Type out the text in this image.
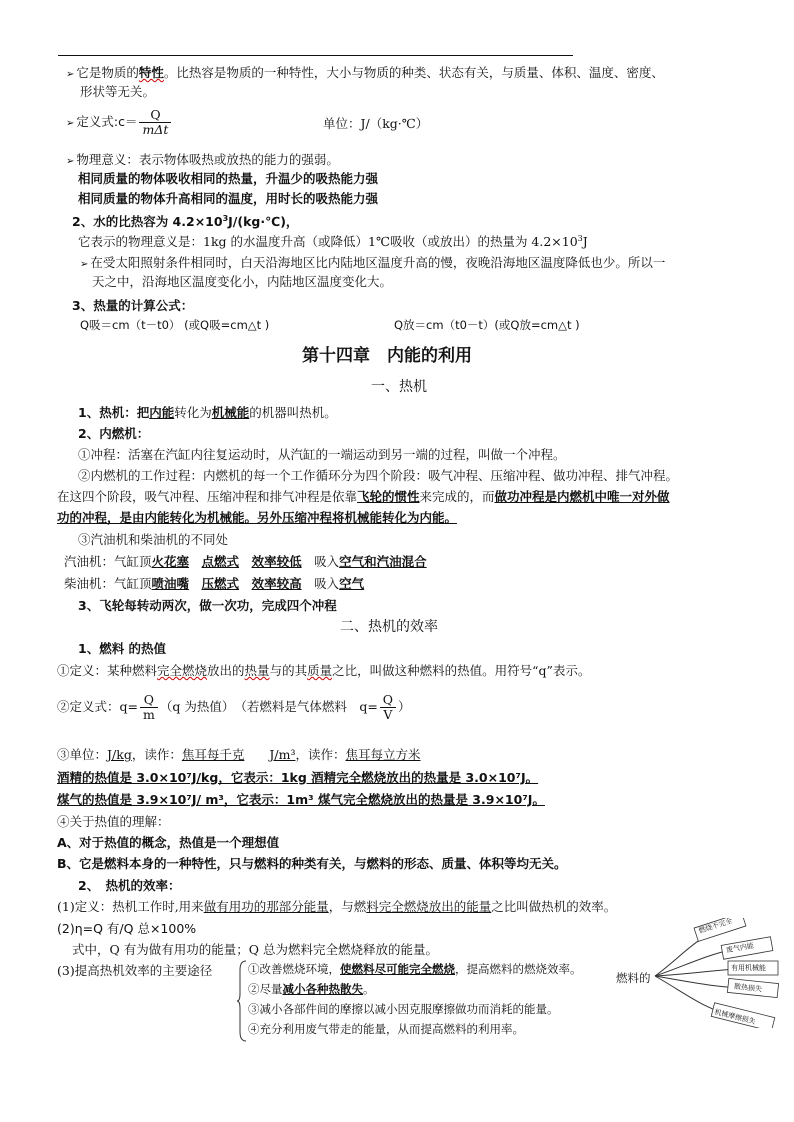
➢ 它是物质的特性。比热容是物质的一种特性，大小与物质的种类、状态有关，与质量、体积、温度、密度、
形状等无关。
➢ 定义式:c＝ $\frac{Q}{\text{mΔt}}$	单位：J/（kg·℃）
➢ 物理意义：表示物体吸热或放热的能力的强弱。
相同质量的物体吸收相同的热量，升温少的吸热能力强
相同质量的物体升高相同的温度，用时长的吸热能力强
2、水的比热容为 $4.2\times 10^3J/(kg\cdot℃)$，
它表示的物理意义是：1kg 的水温度升高（或降低）1℃吸收（或放出）的热量为 $4.2\times 10^3J$
➢ 在受太阳照射条件相同时，白天沿海地区比内陆地区温度升高的慢，夜晚沿海地区温度降低也少。所以一
天之中，沿海地区温度变化小，内陆地区温度变化大。
3、热量的计算公式：
Q吸＝cm（t－t0） (或Q吸=cm△t )	Q放＝cm（t0－t）(或Q放=cm△t )
第十四章　内能的利用
一、热机
1、热机：把内能转化为机械能的机器叫热机。
2、内燃机：
①冲程：活塞在汽缸内往复运动时，从汽缸的一端运动到另一端的过程，叫做一个冲程。
②内燃机的工作过程：内燃机的每一个工作循环分为四个阶段：吸气冲程、压缩冲程、做功冲程、排气冲程。
在这四个阶段，吸气冲程、压缩冲程和排气冲程是依靠飞轮的惯性来完成的，而做功冲程是内燃机中唯一对外做
功的冲程，是由内能转化为机械能。另外压缩冲程将机械能转化为内能。
③汽油机和柴油机的不同处
汽油机：气缸顶火花塞　 点燃式　 效率较低　 吸入空气和汽油混合
柴油机：气缸顶喷油嘴　 压燃式　 效率较高　 吸入空气
3、飞轮每转动两次，做一次功，完成四个冲程
二、热机的效率
1、燃料 的热值
①定义：某种燃料完全燃烧放出的热量与的其质量之比，叫做这种燃料的热值。用符号“q”表示。
②定义式：$q= \frac{Q}{m} (q$ 为热值）　（若燃料是气体燃料　$q= \frac{Q}{V}$ ）
③单位：J/kg，读作：焦耳每千克　　 J/m³，读作：焦耳每立方米
酒精的热值是 3.0×10⁷J/kg，它表示：1kg 酒精完全燃烧放出的热量是 3.0×10⁷J。
煤气的热值是 3.9×10⁷J/ m³，它表示：1m³ 煤气完全燃烧放出的热量是 3.9×10⁷J。
④关于热值的理解：
A、对于热值的概念，热值是一个理想值
B、它是燃料本身的一种特性，只与燃料的种类有关，与燃料的形态、质量、体积等均无关。
2、　热机的效率：
(1)定义：热机工作时,用来做有用功的那部分能量，与燃料完全燃烧放出的能量之比叫做热机的效率。
(2)η=Q 有/Q 总×100%
式中，Q 有为做有用功的能量；Q 总为燃料完全燃烧释放的能量。
(3)提高热机效率的主要途径	①改善燃烧环境，使燃料尽可能完全燃烧，提高燃料的燃烧效率。
②尽量减小各种热散失。
③减小各部件间的摩擦以减小因克服摩擦做功而消耗的能量。
④充分利用废气带走的能量，从而提高燃料的利用率。
燃料的
燃烧不完全
废气内能
有用机械能
散热损失
机械摩擦损失
